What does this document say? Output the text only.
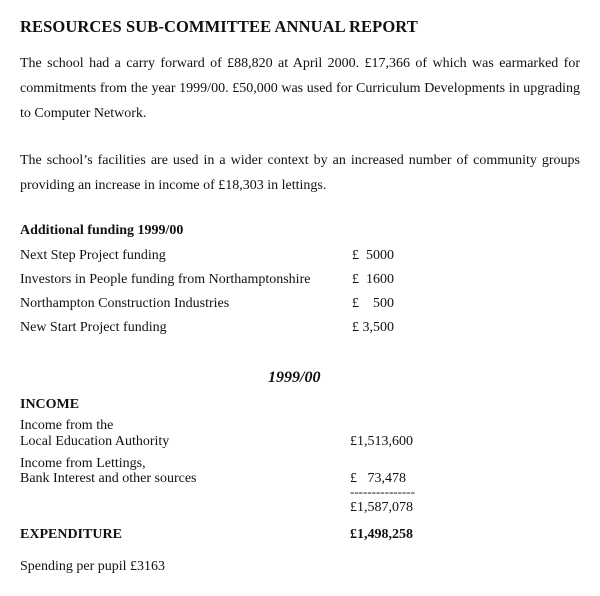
RESOURCES SUB-COMMITTEE ANNUAL REPORT
The school had a carry forward of £88,820 at April 2000. £17,366 of which was earmarked for
commitments from the year 1999/00. £50,000 was used for Curriculum Developments in upgrading
to Computer Network.
The school’s facilities are used in a wider context by an increased number of community groups
providing an increase in income of £18,303 in lettings.
Additional funding 1999/00
Next Step Project funding	£  5000
Investors in People funding from Northamptonshire	£  1600
Northampton Construction Industries	£    500
New Start Project funding	£ 3,500
1999/00
INCOME
Income from the
Local Education Authority	£1,513,600
Income from Lettings,
Bank Interest and other sources	£   73,478
---------------
£1,587,078
EXPENDITURE	£1,498,258
Spending per pupil £3163
